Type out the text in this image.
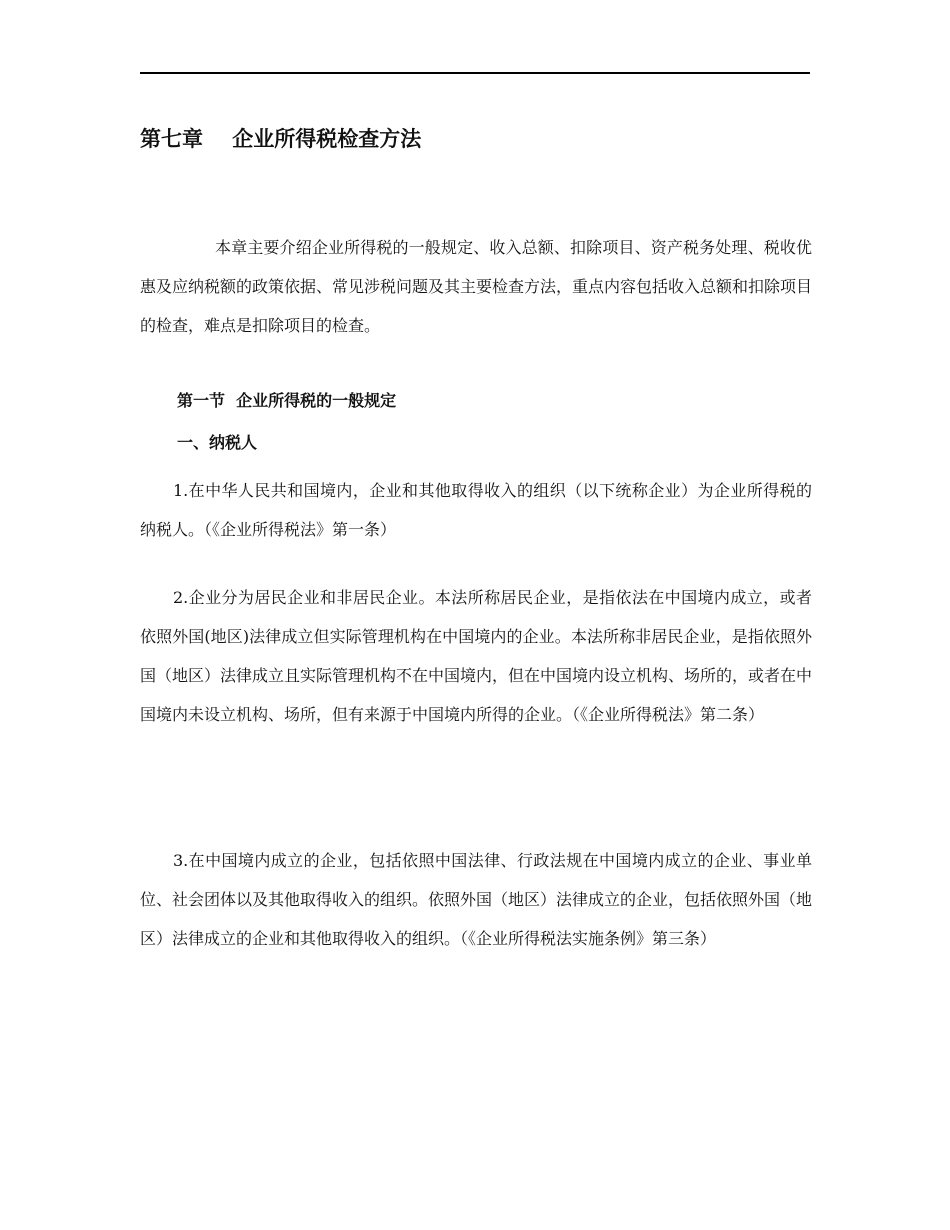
第七章    企业所得税检查方法

本章主要介绍企业所得税的一般规定、收入总额、扣除项目、资产税务处理、税收优惠及应纳税额的政策依据、常见涉税问题及其主要检查方法，重点内容包括收入总额和扣除项目的检查，难点是扣除项目的检查。

第一节  企业所得税的一般规定
一、纳税人

1.在中华人民共和国境内，企业和其他取得收入的组织（以下统称企业）为企业所得税的纳税人。（《企业所得税法》第一条）

2.企业分为居民企业和非居民企业。本法所称居民企业，是指依法在中国境内成立，或者依照外国(地区)法律成立但实际管理机构在中国境内的企业。本法所称非居民企业，是指依照外国（地区）法律成立且实际管理机构不在中国境内，但在中国境内设立机构、场所的，或者在中国境内未设立机构、场所，但有来源于中国境内所得的企业。（《企业所得税法》第二条）

3.在中国境内成立的企业，包括依照中国法律、行政法规在中国境内成立的企业、事业单位、社会团体以及其他取得收入的组织。依照外国（地区）法律成立的企业，包括依照外国（地区）法律成立的企业和其他取得收入的组织。（《企业所得税法实施条例》第三条）
